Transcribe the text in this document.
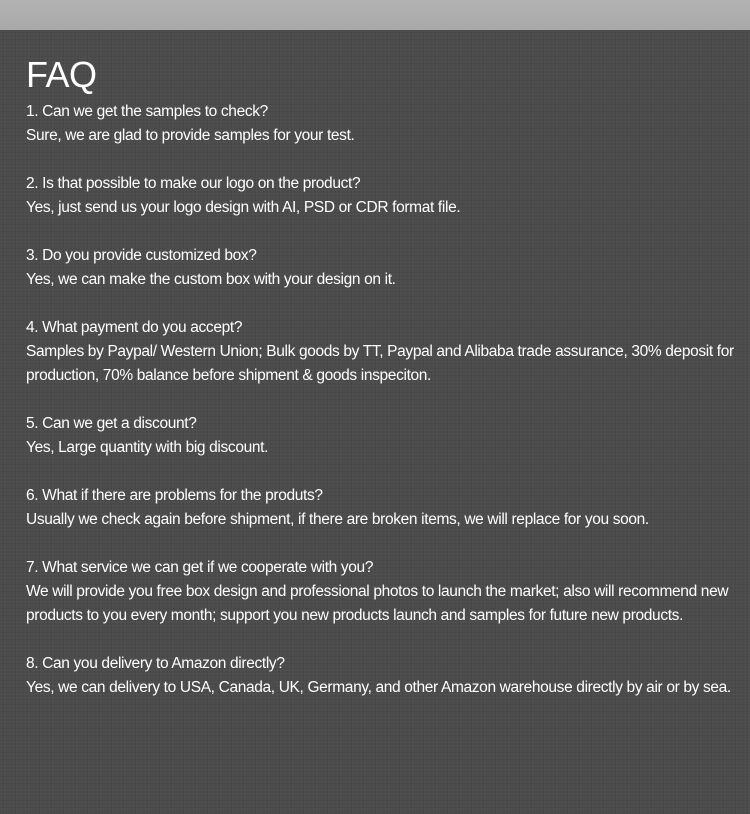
FAQ
1. Can we get the samples to check?
Sure, we are glad to provide samples for your test.
2. Is that possible to make our logo on the product?
Yes, just send us your logo design with AI, PSD or CDR format file.
3. Do you provide customized box?
Yes, we can make the custom box with your design on it.
4. What payment do you accept?
Samples by Paypal/ Western Union; Bulk goods by TT, Paypal and Alibaba trade assurance, 30% deposit for production, 70% balance before shipment & goods inspeciton.
5. Can we get a discount?
Yes, Large quantity with big discount.
6. What if there are problems for the produts?
Usually we check again before shipment, if there are broken items, we will replace for you soon.
7. What service we can get if we cooperate with you?
We will provide you free box design and professional photos to launch the market; also will recommend new products to you every month; support you new products launch and samples for future new products.
8. Can you delivery to Amazon directly?
Yes, we can delivery to USA, Canada, UK, Germany, and other Amazon warehouse directly by air or by sea.
